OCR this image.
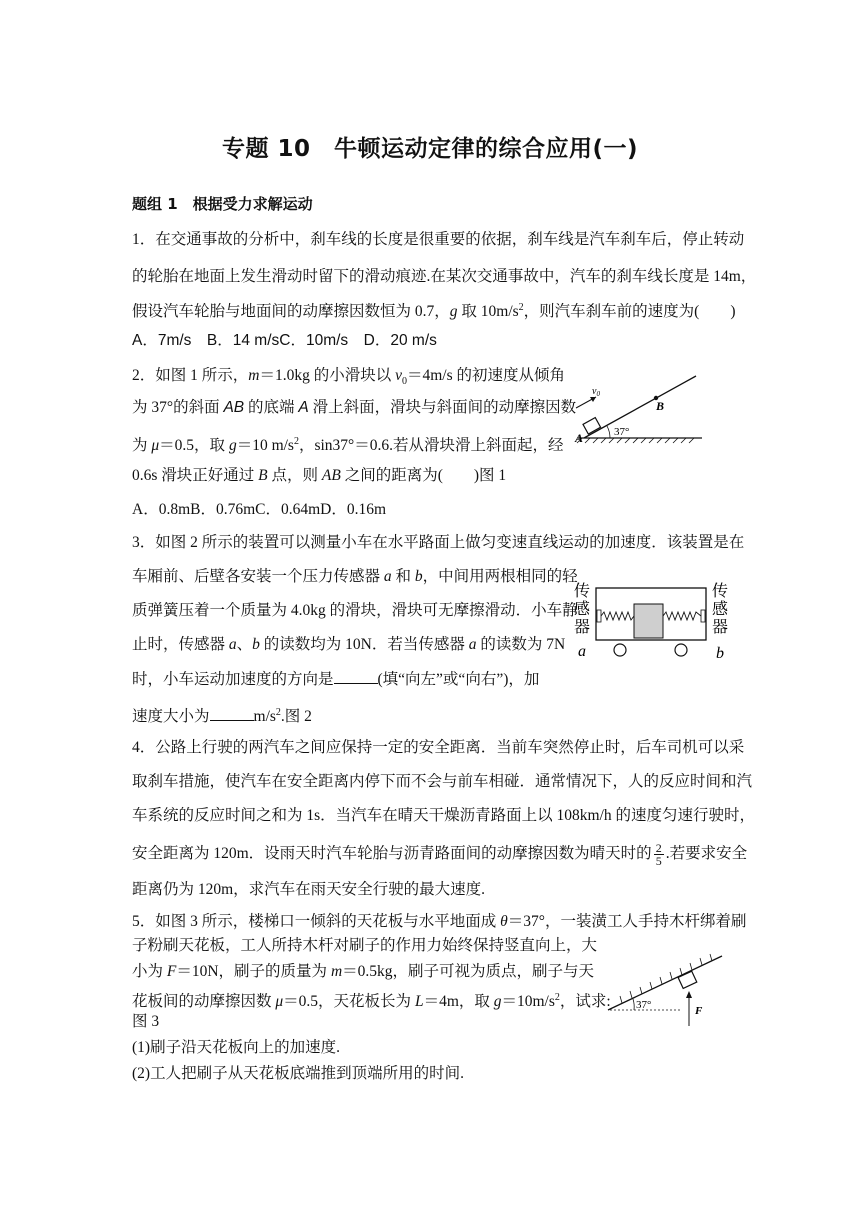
专题 10　牛顿运动定律的综合应用(一)
题组 1　根据受力求解运动
1．在交通事故的分析中，刹车线的长度是很重要的依据，刹车线是汽车刹车后，停止转动
的轮胎在地面上发生滑动时留下的滑动痕迹.在某次交通事故中，汽车的刹车线长度是 14m，
假设汽车轮胎与地面间的动摩擦因数恒为 0.7，g 取 $10m/s^2$，则汽车刹车前的速度为(　　)
A．7m/s　B．14 m/sC．10m/s　D．20 m/s
2．如图 1 所示，m＝1.0kg 的小滑块以 $v_0=4m/s$ 的初速度从倾角
为 37°的斜面 AB 的底端 A 滑上斜面，滑块与斜面间的动摩擦因数
为 μ＝0.5，取 g＝10 $m/s^2$，sin37°＝0.6.若从滑块滑上斜面起，经
0.6s 滑块正好通过 B 点，则 AB 之间的距离为(　　)图 1
A．0.8mB．0.76mC．0.64mD．0.16m
37°
$v_0$
B
A
3．如图 2 所示的装置可以测量小车在水平路面上做匀变速直线运动的加速度．该装置是在
车厢前、后壁各安装一个压力传感器 a 和 b，中间用两根相同的轻
质弹簧压着一个质量为 4.0kg 的滑块，滑块可无摩擦滑动．小车静
止时，传感器 a、b 的读数均为 10N．若当传感器 a 的读数为 7N
时，小车运动加速度的方向是	(填“向左”或“向右”)，加
速度大小为	$m/s^2$.图 2
传感器
a
传感器
b
4．公路上行驶的两汽车之间应保持一定的安全距离．当前车突然停止时，后车司机可以采
取刹车措施，使汽车在安全距离内停下而不会与前车相碰．通常情况下，人的反应时间和汽
车系统的反应时间之和为 1s．当汽车在晴天干燥沥青路面上以 108km/h 的速度匀速行驶时，
安全距离为 120m．设雨天时汽车轮胎与沥青路面间的动摩擦因数为晴天时的 $\frac{2}{5}$ .若要求安全
距离仍为 120m，求汽车在雨天安全行驶的最大速度.
5．如图 3 所示，楼梯口一倾斜的天花板与水平地面成 θ＝37°，一装潢工人手持木杆绑着刷
子粉刷天花板，工人所持木杆对刷子的作用力始终保持竖直向上，大
小为 F＝10N，刷子的质量为 m＝0.5kg，刷子可视为质点，刷子与天
花板间的动摩擦因数 μ＝0.5，天花板长为 L＝4m，取 $g=10m/s^2$，试求:
图 3
(1)刷子沿天花板向上的加速度.
(2)工人把刷子从天花板底端推到顶端所用的时间.
37°	F
